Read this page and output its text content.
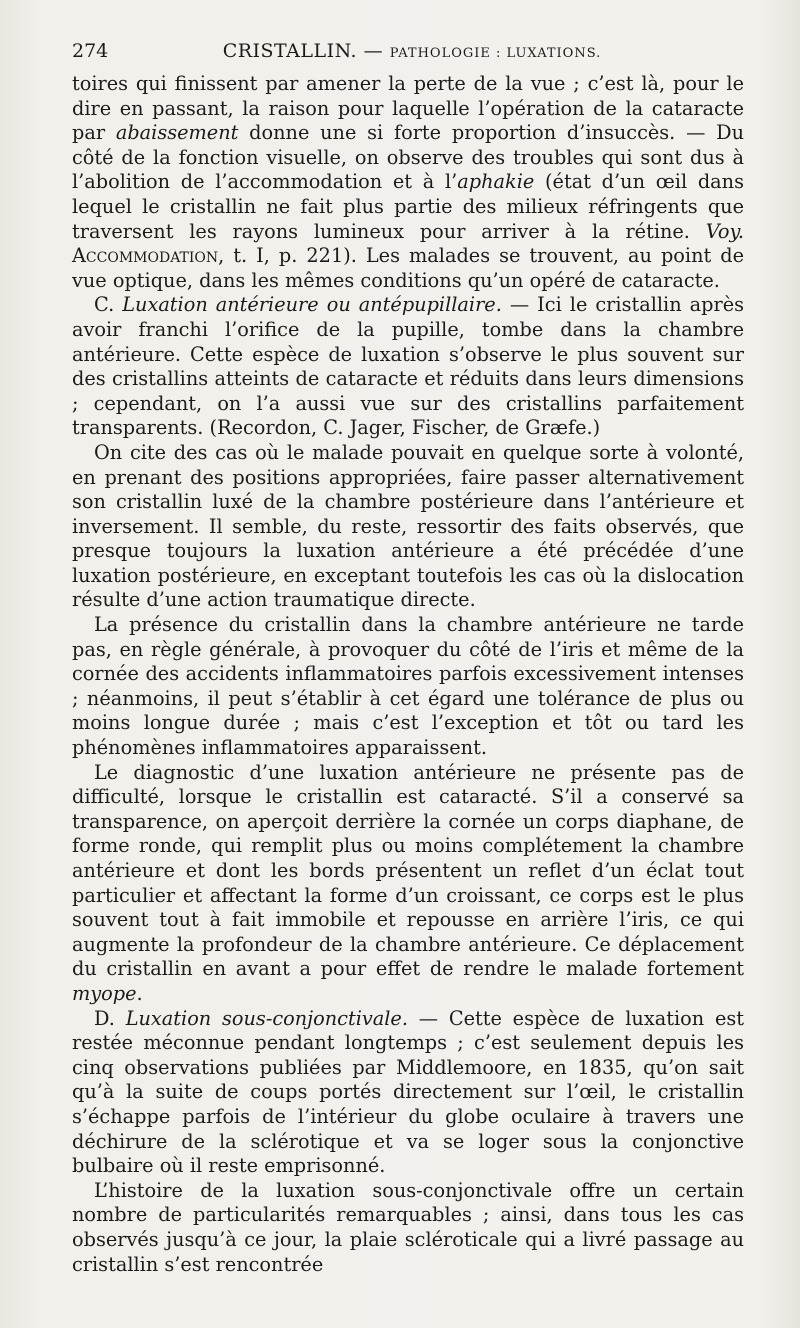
274	CRISTALLIN. — PATHOLOGIE : LUXATIONS.

toires qui finissent par amener la perte de la vue ; c’est là, pour le dire en passant, la raison pour laquelle l’opération de la cataracte par abaissement donne une si forte proportion d’insuccès. — Du côté de la fonction visuelle, on observe des troubles qui sont dus à l’abolition de l’accommodation et à l’aphakie (état d’un œil dans lequel le cristallin ne fait plus partie des milieux réfringents que traversent les rayons lumineux pour arriver à la rétine. Voy. Accommodation, t. I, p. 221). Les malades se trouvent, au point de vue optique, dans les mêmes conditions qu’un opéré de cataracte.

C. Luxation antérieure ou antépupillaire. — Ici le cristallin après avoir franchi l’orifice de la pupille, tombe dans la chambre antérieure. Cette espèce de luxation s’observe le plus souvent sur des cristallins atteints de cataracte et réduits dans leurs dimensions ; cependant, on l’a aussi vue sur des cristallins parfaitement transparents. (Recordon, C. Jager, Fischer, de Græfe.)

On cite des cas où le malade pouvait en quelque sorte à volonté, en prenant des positions appropriées, faire passer alternativement son cristallin luxé de la chambre postérieure dans l’antérieure et inversement. Il semble, du reste, ressortir des faits observés, que presque toujours la luxation antérieure a été précédée d’une luxation postérieure, en exceptant toutefois les cas où la dislocation résulte d’une action traumatique directe.

La présence du cristallin dans la chambre antérieure ne tarde pas, en règle générale, à provoquer du côté de l’iris et même de la cornée des accidents inflammatoires parfois excessivement intenses ; néanmoins, il peut s’établir à cet égard une tolérance de plus ou moins longue durée ; mais c’est l’exception et tôt ou tard les phénomènes inflammatoires apparaissent.

Le diagnostic d’une luxation antérieure ne présente pas de difficulté, lorsque le cristallin est cataracté. S’il a conservé sa transparence, on aperçoit derrière la cornée un corps diaphane, de forme ronde, qui remplit plus ou moins complétement la chambre antérieure et dont les bords présentent un reflet d’un éclat tout particulier et affectant la forme d’un croissant, ce corps est le plus souvent tout à fait immobile et repousse en arrière l’iris, ce qui augmente la profondeur de la chambre antérieure. Ce déplacement du cristallin en avant a pour effet de rendre le malade fortement myope.

D. Luxation sous-conjonctivale. — Cette espèce de luxation est restée méconnue pendant longtemps ; c’est seulement depuis les cinq observations publiées par Middlemoore, en 1835, qu’on sait qu’à la suite de coups portés directement sur l’œil, le cristallin s’échappe parfois de l’intérieur du globe oculaire à travers une déchirure de la sclérotique et va se loger sous la conjonctive bulbaire où il reste emprisonné.

L’histoire de la luxation sous-conjonctivale offre un certain nombre de particularités remarquables ; ainsi, dans tous les cas observés jusqu’à ce jour, la plaie scléroticale qui a livré passage au cristallin s’est rencontrée
